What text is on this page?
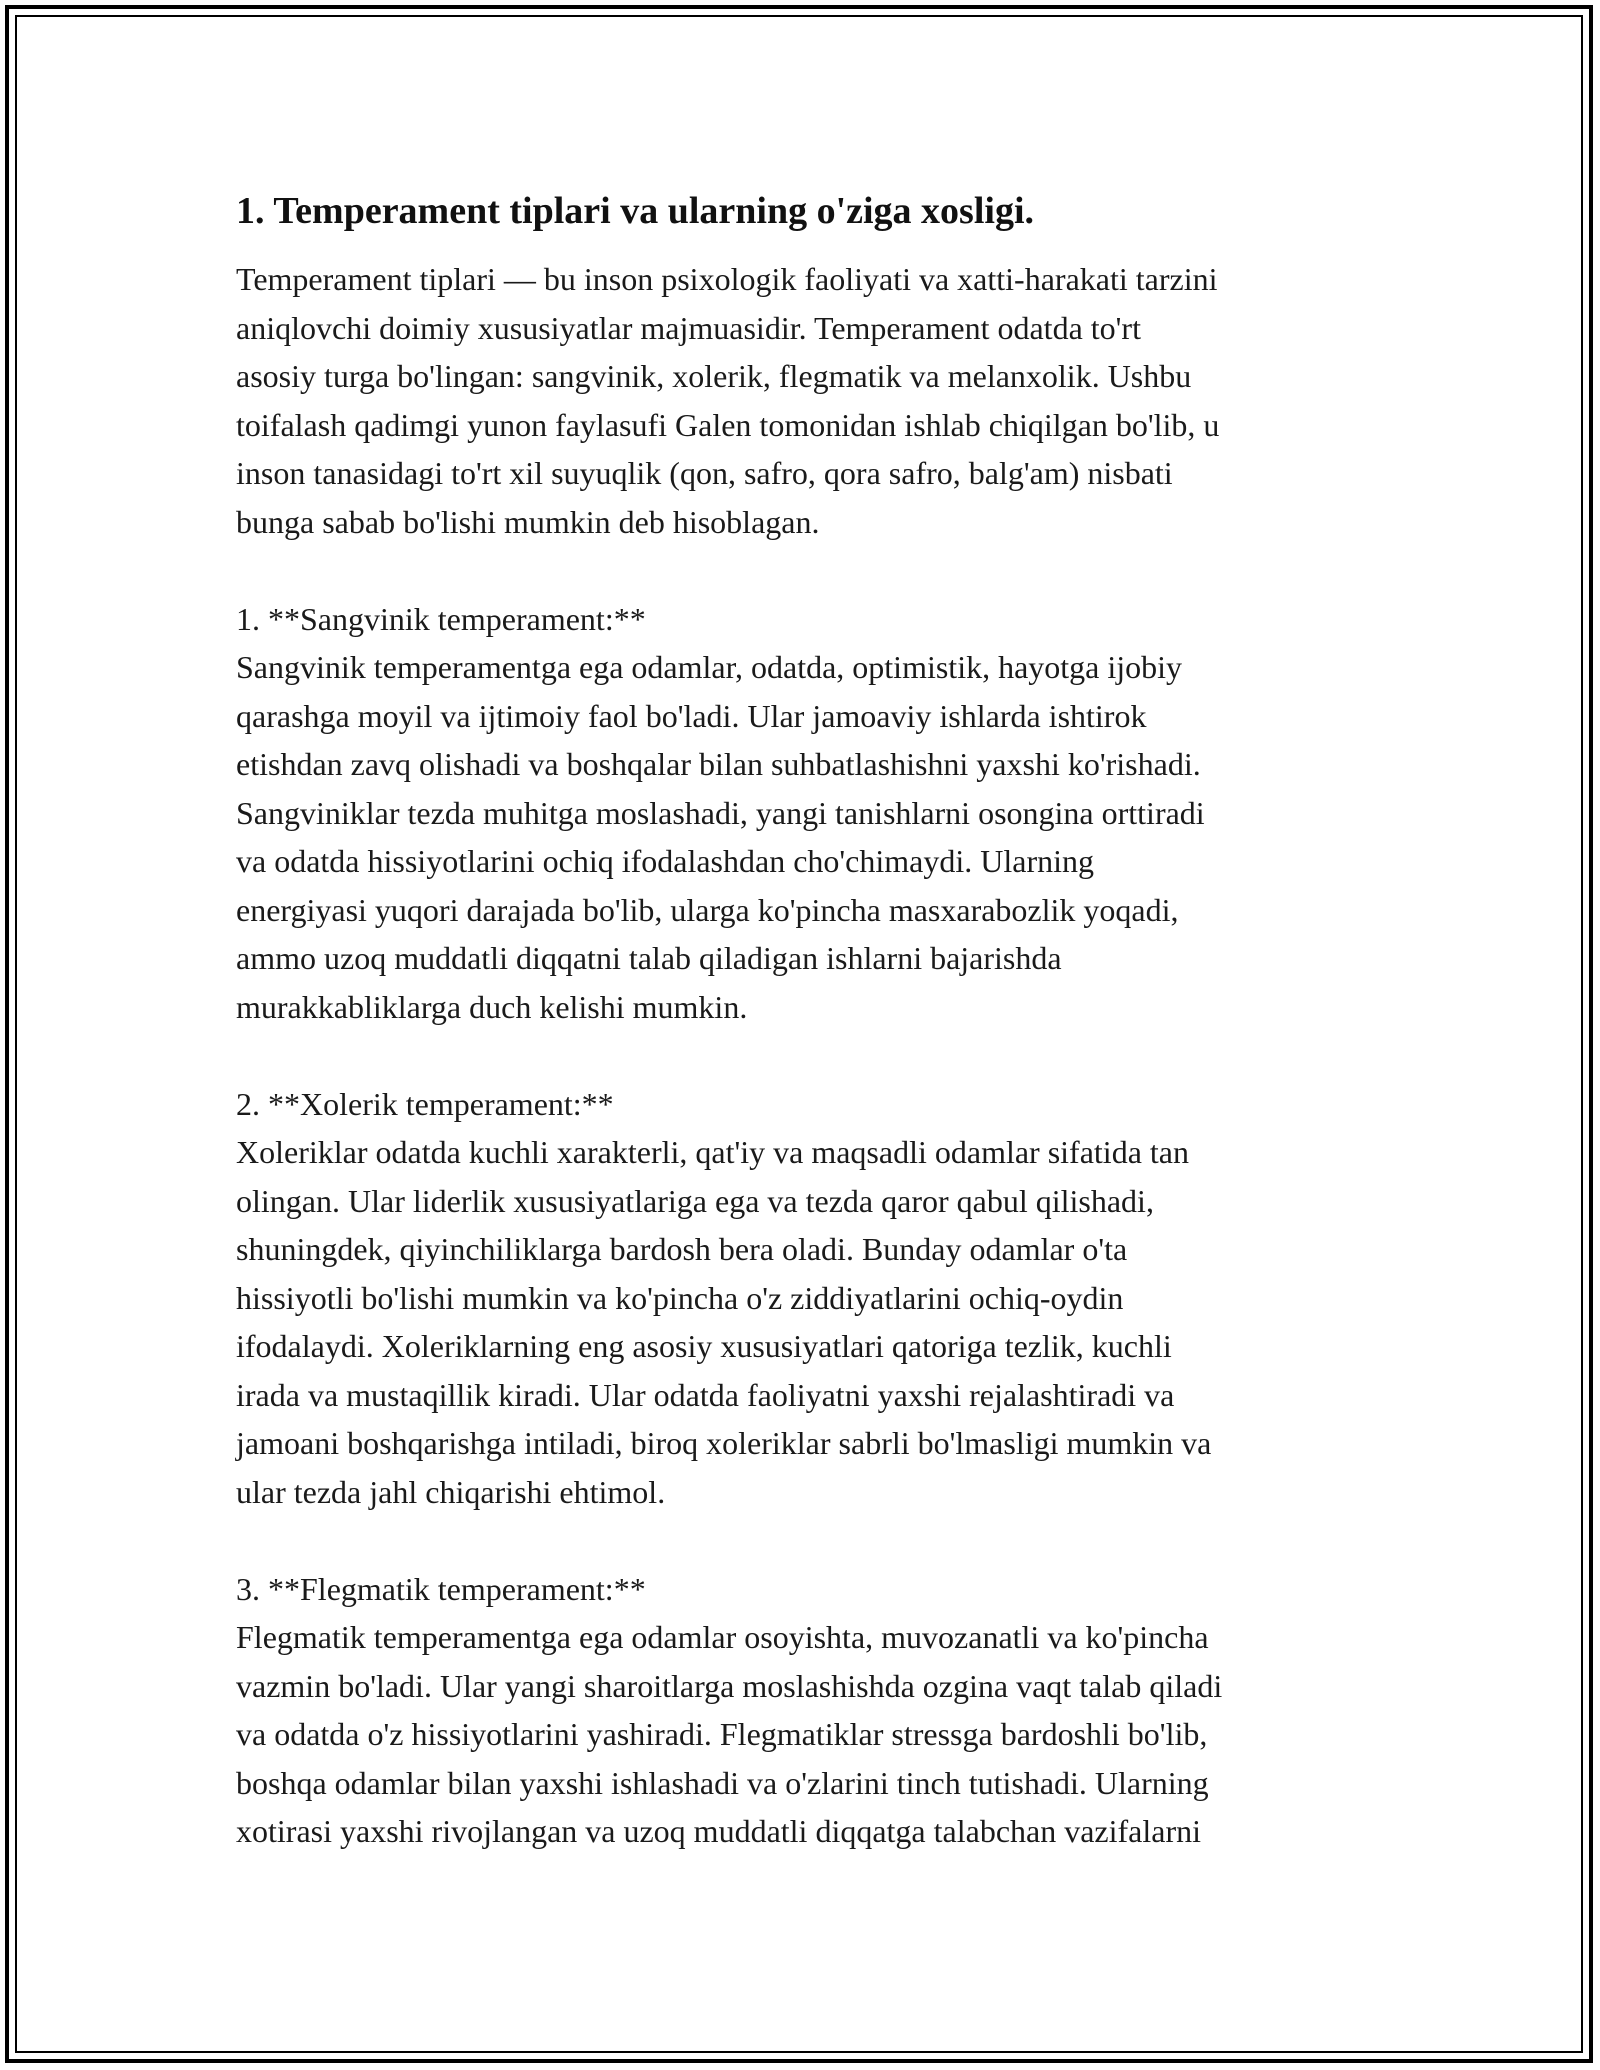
1. Temperament tiplari va ularning o'ziga xosligi.

Temperament tiplari — bu inson psixologik faoliyati va xatti-harakati tarzini
aniqlovchi doimiy xususiyatlar majmuasidir. Temperament odatda to'rt
asosiy turga bo'lingan: sangvinik, xolerik, flegmatik va melanxolik. Ushbu
toifalash qadimgi yunon faylasufi Galen tomonidan ishlab chiqilgan bo'lib, u
inson tanasidagi to'rt xil suyuqlik (qon, safro, qora safro, balg'am) nisbati
bunga sabab bo'lishi mumkin deb hisoblagan.

1. **Sangvinik temperament:**

Sangvinik temperamentga ega odamlar, odatda, optimistik, hayotga ijobiy
qarashga moyil va ijtimoiy faol bo'ladi. Ular jamoaviy ishlarda ishtirok
etishdan zavq olishadi va boshqalar bilan suhbatlashishni yaxshi ko'rishadi.
Sangviniklar tezda muhitga moslashadi, yangi tanishlarni osongina orttiradi
va odatda hissiyotlarini ochiq ifodalashdan cho'chimaydi. Ularning
energiyasi yuqori darajada bo'lib, ularga ko'pincha masxarabozlik yoqadi,
ammo uzoq muddatli diqqatni talab qiladigan ishlarni bajarishda
murakkabliklarga duch kelishi mumkin.

2. **Xolerik temperament:**

Xoleriklar odatda kuchli xarakterli, qat'iy va maqsadli odamlar sifatida tan
olingan. Ular liderlik xususiyatlariga ega va tezda qaror qabul qilishadi,
shuningdek, qiyinchiliklarga bardosh bera oladi. Bunday odamlar o'ta
hissiyotli bo'lishi mumkin va ko'pincha o'z ziddiyatlarini ochiq-oydin
ifodalaydi. Xoleriklarning eng asosiy xususiyatlari qatoriga tezlik, kuchli
irada va mustaqillik kiradi. Ular odatda faoliyatni yaxshi rejalashtiradi va
jamoani boshqarishga intiladi, biroq xoleriklar sabrli bo'lmasligi mumkin va
ular tezda jahl chiqarishi ehtimol.

3. **Flegmatik temperament:**

Flegmatik temperamentga ega odamlar osoyishta, muvozanatli va ko'pincha
vazmin bo'ladi. Ular yangi sharoitlarga moslashishda ozgina vaqt talab qiladi
va odatda o'z hissiyotlarini yashiradi. Flegmatiklar stressga bardoshli bo'lib,
boshqa odamlar bilan yaxshi ishlashadi va o'zlarini tinch tutishadi. Ularning
xotirasi yaxshi rivojlangan va uzoq muddatli diqqatga talabchan vazifalarni
